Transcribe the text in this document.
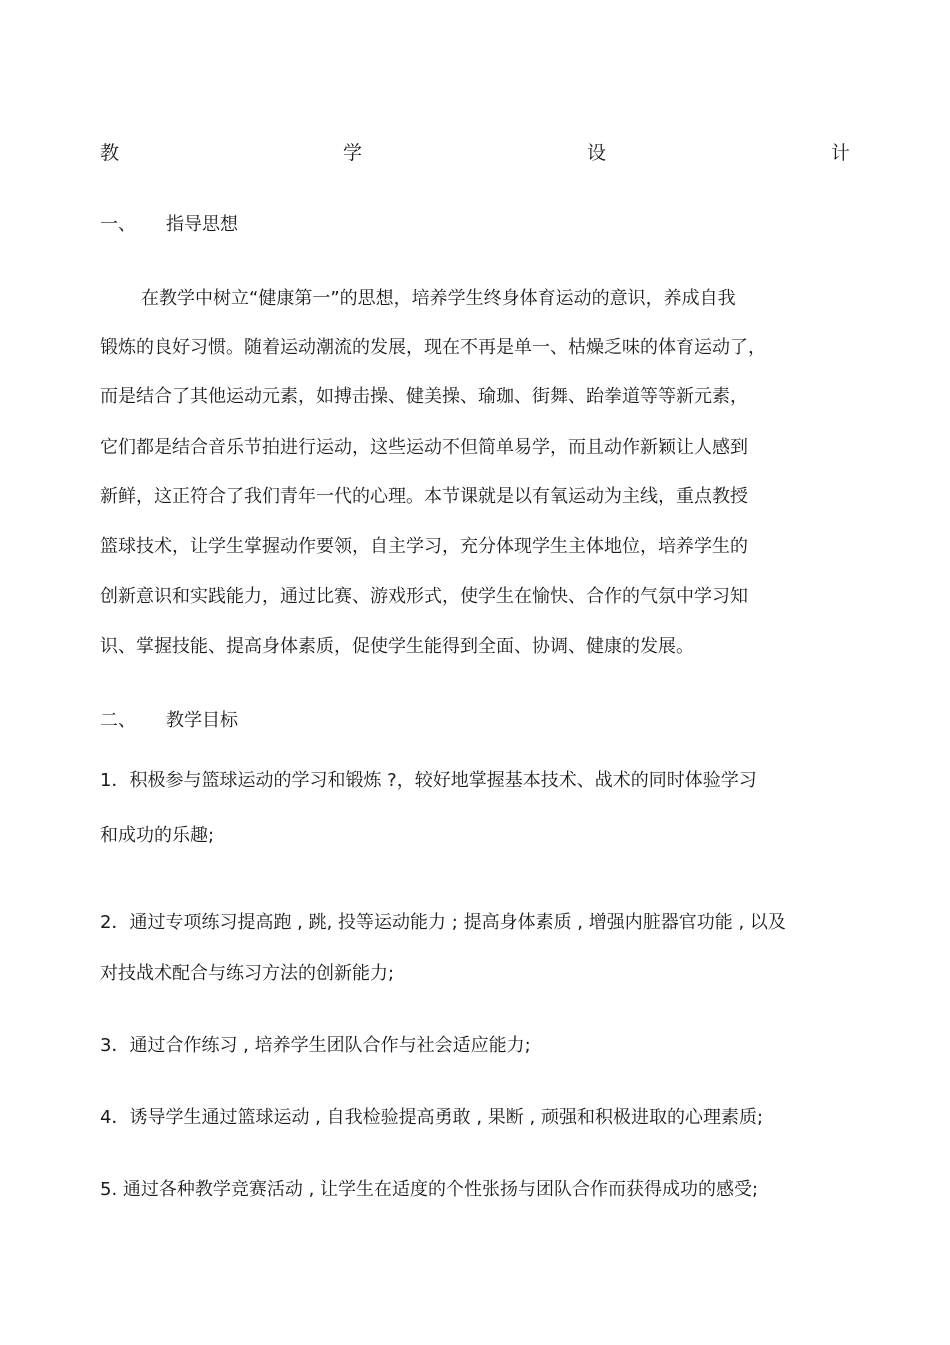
教	学	设	计
一、 指导思想
在教学中树立“健康第一”的思想，培养学生终身体育运动的意识，养成自我
锻炼的良好习惯。随着运动潮流的发展，现在不再是单一、枯燥乏味的体育运动了，
而是结合了其他运动元素，如搏击操、健美操、瑜珈、街舞、跆拳道等等新元素，
它们都是结合音乐节拍进行运动，这些运动不但简单易学，而且动作新颖让人感到
新鲜，这正符合了我们青年一代的心理。本节课就是以有氧运动为主线，重点教授
篮球技术，让学生掌握动作要领，自主学习，充分体现学生主体地位，培养学生的
创新意识和实践能力，通过比赛、游戏形式，使学生在愉快、合作的气氛中学习知
识、掌握技能、提高身体素质，促使学生能得到全面、协调、健康的发展。
二、 教学目标
1．积极参与篮球运动的学习和锻炼 ?，较好地掌握基本技术、战术的同时体验学习
和成功的乐趣;
2．通过专项练习提高跑 , 跳, 投等运动能力 ; 提高身体素质 , 增强内脏器官功能 , 以及
对技战术配合与练习方法的创新能力;
3．通过合作练习 , 培养学生团队合作与社会适应能力;
4．诱导学生通过篮球运动 , 自我检验提高勇敢 , 果断 , 顽强和积极进取的心理素质;
5. 通过各种教学竞赛活动 , 让学生在适度的个性张扬与团队合作而获得成功的感受;
